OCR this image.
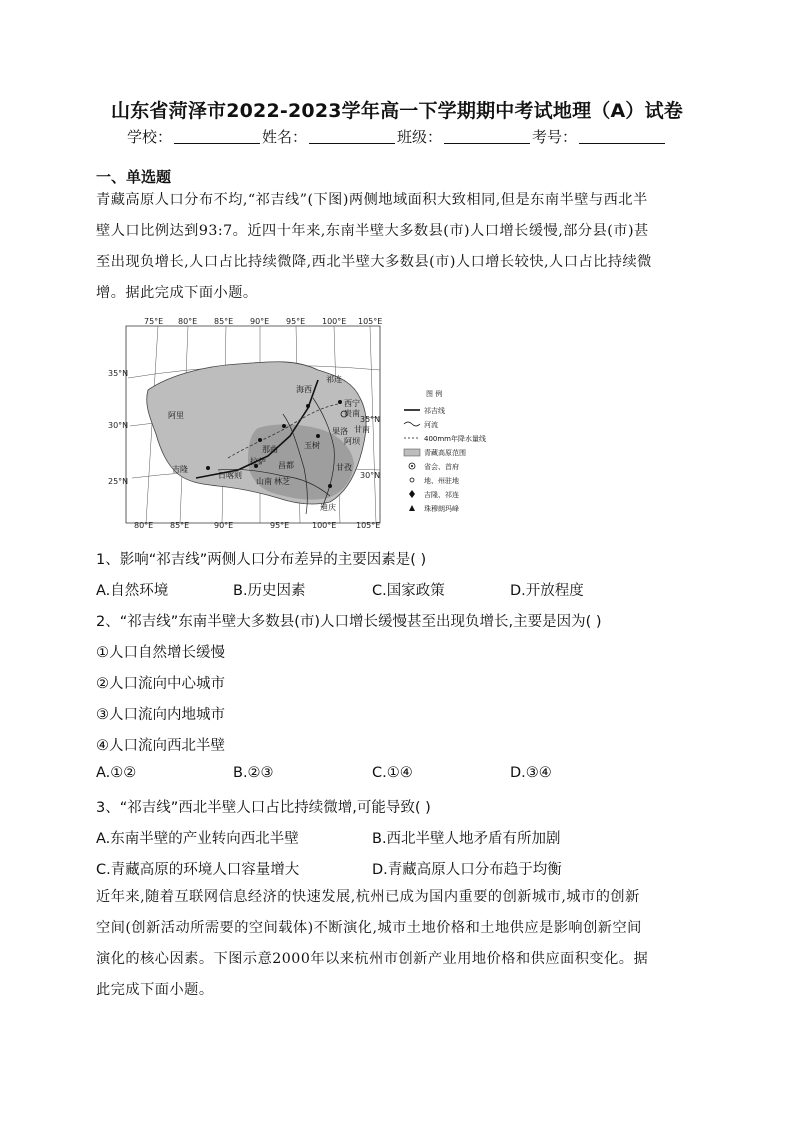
山东省菏泽市2022-2023学年高一下学期期中考试地理（A）试卷
学校：	姓名：	班级：	考号：
一、单选题
青藏高原人口分布不均,“祁吉线”(下图)两侧地域面积大致相同,但是东南半壁与西北半
壁人口比例达到93:7。近四十年来,东南半壁大多数县(市)人口增长缓慢,部分县(市)甚
至出现负增长,人口占比持续微降,西北半壁大多数县(市)人口增长较快,人口占比持续微
增。据此完成下面小题。
75°E 80°E 85°E 90°E 95°E 100°E 105°E
80°E 85°E	90°E	95°E	100°E 105°E
35°N
30°N
25°N
35°N
30°N
祁连
海西
西宁
贵南
阿里
玉树
果洛 甘南
阿坝
那曲
拉萨 昌都
吉隆
日喀则
山南 林芝
甘孜
迪庆
图 例
祁吉线
河流
400mm年降水量线
青藏高原范围
省会、首府
地、州驻地
吉隆、祁连
珠穆朗玛峰
1、影响“祁吉线”两侧人口分布差异的主要因素是( )
A.自然环境	B.历史因素	C.国家政策	D.开放程度
2、“祁吉线”东南半壁大多数县(市)人口增长缓慢甚至出现负增长,主要是因为( )
①人口自然增长缓慢
②人口流向中心城市
③人口流向内地城市
④人口流向西北半壁
A.①②	B.②③	C.①④	D.③④
3、“祁吉线”西北半壁人口占比持续微增,可能导致( )
A.东南半壁的产业转向西北半壁	B.西北半壁人地矛盾有所加剧
C.青藏高原的环境人口容量增大	D.青藏高原人口分布趋于均衡
近年来,随着互联网信息经济的快速发展,杭州已成为国内重要的创新城市,城市的创新
空间(创新活动所需要的空间载体)不断演化,城市土地价格和土地供应是影响创新空间
演化的核心因素。下图示意2000年以来杭州市创新产业用地价格和供应面积变化。据
此完成下面小题。
